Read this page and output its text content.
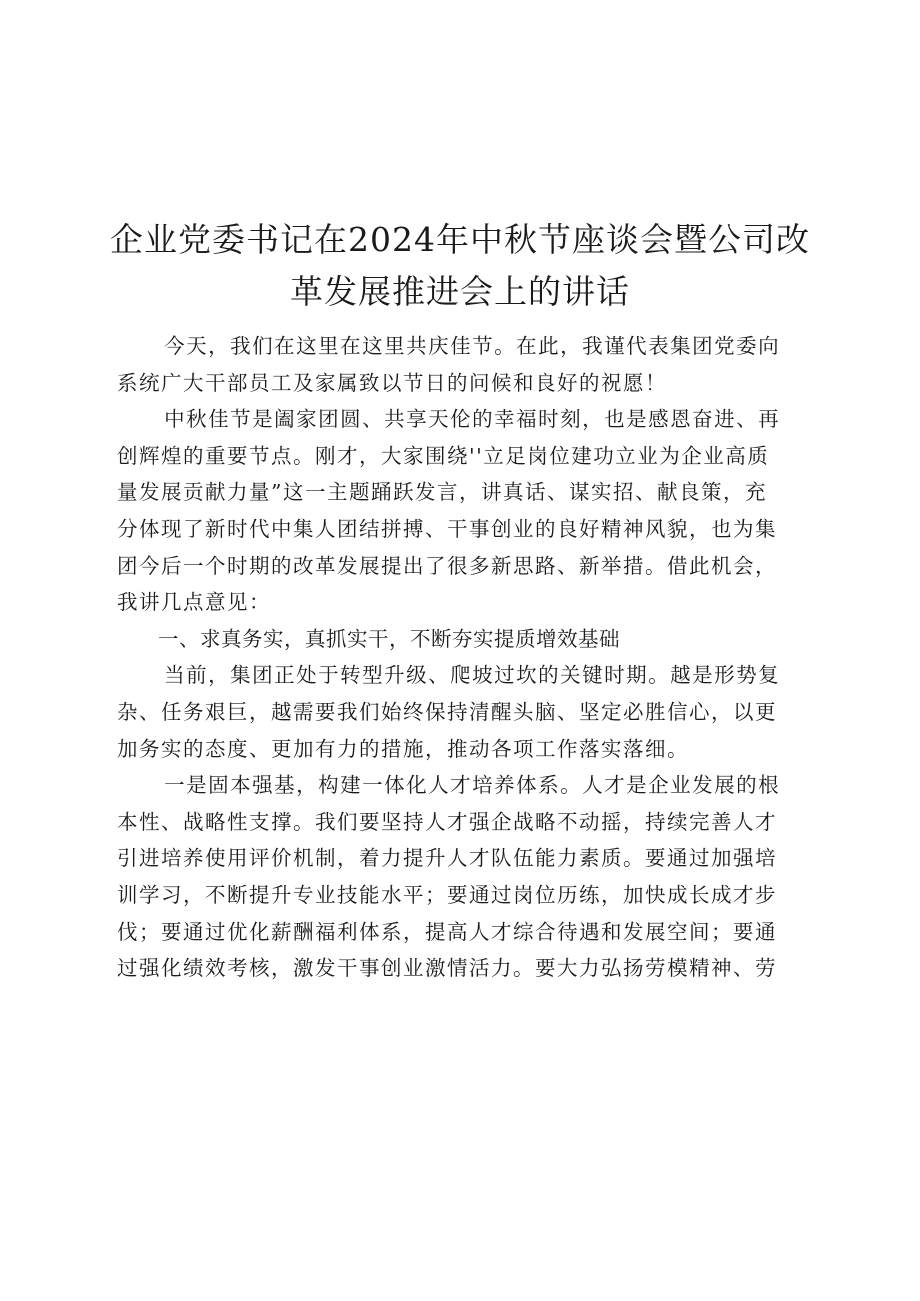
企业党委书记在2024年中秋节座谈会暨公司改
革发展推进会上的讲话

今天，我们在这里在这里共庆佳节。在此，我谨代表集团党委向
系统广大干部员工及家属致以节日的问候和良好的祝愿！

中秋佳节是阖家团圆、共享天伦的幸福时刻，也是感恩奋进、再
创辉煌的重要节点。刚才，大家围绕''立足岗位建功立业为企业高质
量发展贡献力量”这一主题踊跃发言，讲真话、谋实招、献良策，充
分体现了新时代中集人团结拼搏、干事创业的良好精神风貌，也为集
团今后一个时期的改革发展提出了很多新思路、新举措。借此机会，
我讲几点意见：

一、求真务实，真抓实干，不断夯实提质增效基础

当前，集团正处于转型升级、爬坡过坎的关键时期。越是形势复
杂、任务艰巨，越需要我们始终保持清醒头脑、坚定必胜信心，以更
加务实的态度、更加有力的措施，推动各项工作落实落细。

一是固本强基，构建一体化人才培养体系。人才是企业发展的根
本性、战略性支撑。我们要坚持人才强企战略不动摇，持续完善人才
引进培养使用评价机制，着力提升人才队伍能力素质。要通过加强培
训学习，不断提升专业技能水平；要通过岗位历练，加快成长成才步
伐；要通过优化薪酬福利体系，提高人才综合待遇和发展空间；要通
过强化绩效考核，激发干事创业激情活力。要大力弘扬劳模精神、劳
